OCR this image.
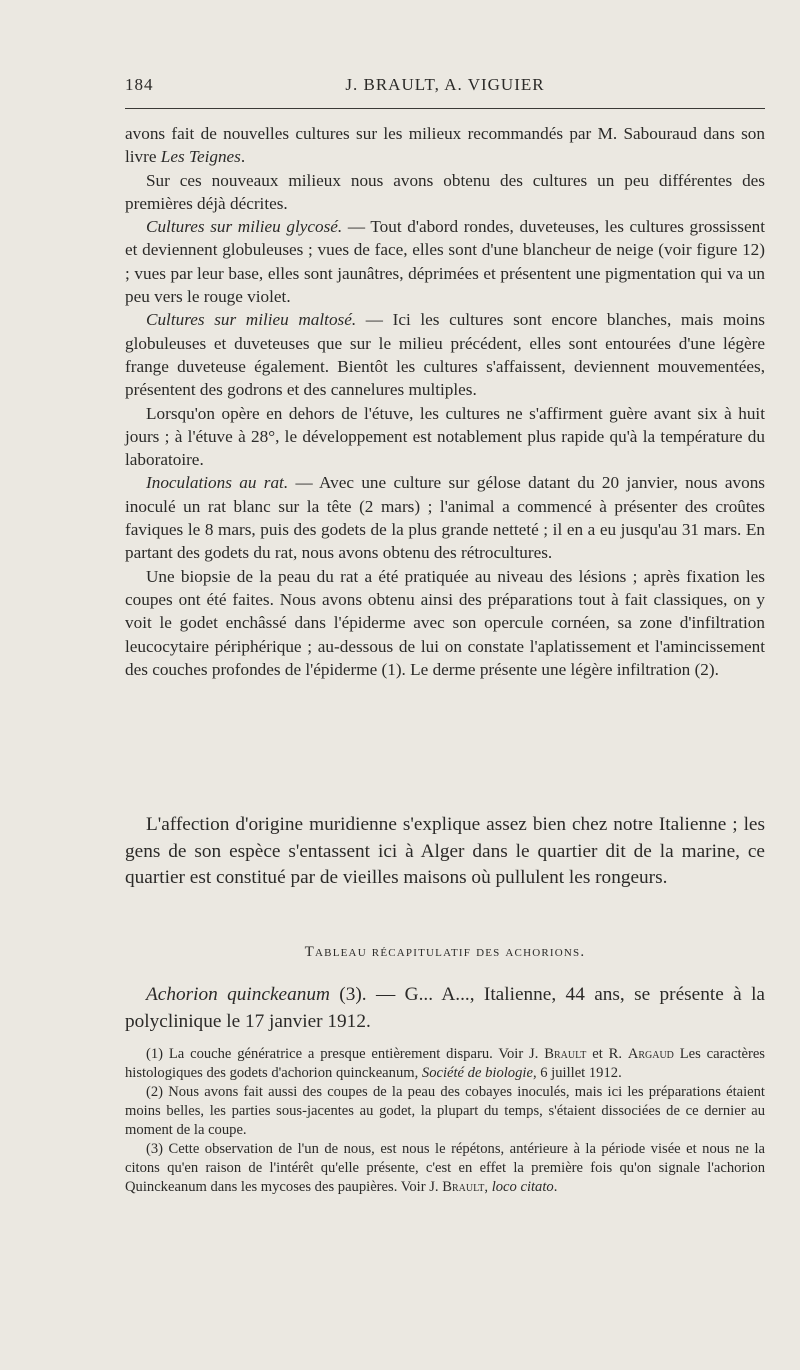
184	J. BRAULT, A. VIGUIER

avons fait de nouvelles cultures sur les milieux recommandés par M. Sabouraud dans son livre Les Teignes.

Sur ces nouveaux milieux nous avons obtenu des cultures un peu différentes des premières déjà décrites.

Cultures sur milieu glycosé. — Tout d'abord rondes, duveteuses, les cultures grossissent et deviennent globuleuses ; vues de face, elles sont d'une blancheur de neige (voir figure 12) ; vues par leur base, elles sont jaunâtres, déprimées et présentent une pigmentation qui va un peu vers le rouge violet.

Cultures sur milieu maltosé. — Ici les cultures sont encore blanches, mais moins globuleuses et duveteuses que sur le milieu précédent, elles sont entourées d'une légère frange duveteuse également. Bientôt les cultures s'affaissent, deviennent mouvementées, présentent des godrons et des cannelures multiples.

Lorsqu'on opère en dehors de l'étuve, les cultures ne s'affirment guère avant six à huit jours ; à l'étuve à 28°, le développement est notablement plus rapide qu'à la température du laboratoire.

Inoculations au rat. — Avec une culture sur gélose datant du 20 janvier, nous avons inoculé un rat blanc sur la tête (2 mars) ; l'animal a commencé à présenter des croûtes faviques le 8 mars, puis des godets de la plus grande netteté ; il en a eu jusqu'au 31 mars. En partant des godets du rat, nous avons obtenu des rétrocultures.

Une biopsie de la peau du rat a été pratiquée au niveau des lésions ; après fixation les coupes ont été faites. Nous avons obtenu ainsi des préparations tout à fait classiques, on y voit le godet enchâssé dans l'épiderme avec son opercule cornéen, sa zone d'infiltration leucocytaire périphérique ; au-dessous de lui on constate l'aplatissement et l'amincissement des couches profondes de l'épiderme (1). Le derme présente une légère infiltration (2).

L'affection d'origine muridienne s'explique assez bien chez notre Italienne ; les gens de son espèce s'entassent ici à Alger dans le quartier dit de la marine, ce quartier est constitué par de vieilles maisons où pullulent les rongeurs.

Tableau récapitulatif des achorions.

Achorion quinckeanum (3). — G... A..., Italienne, 44 ans, se présente à la polyclinique le 17 janvier 1912.

(1) La couche génératrice a presque entièrement disparu. Voir J. Brault et R. Argaud Les caractères histologiques des godets d'achorion quinckeanum, Société de biologie, 6 juillet 1912.

(2) Nous avons fait aussi des coupes de la peau des cobayes inoculés, mais ici les préparations étaient moins belles, les parties sous-jacentes au godet, la plupart du temps, s'étaient dissociées de ce dernier au moment de la coupe.

(3) Cette observation de l'un de nous, est nous le répétons, antérieure à la période visée et nous ne la citons qu'en raison de l'intérêt qu'elle présente, c'est en effet la première fois qu'on signale l'achorion Quinckeanum dans les mycoses des paupières. Voir J. Brault, loco citato.
